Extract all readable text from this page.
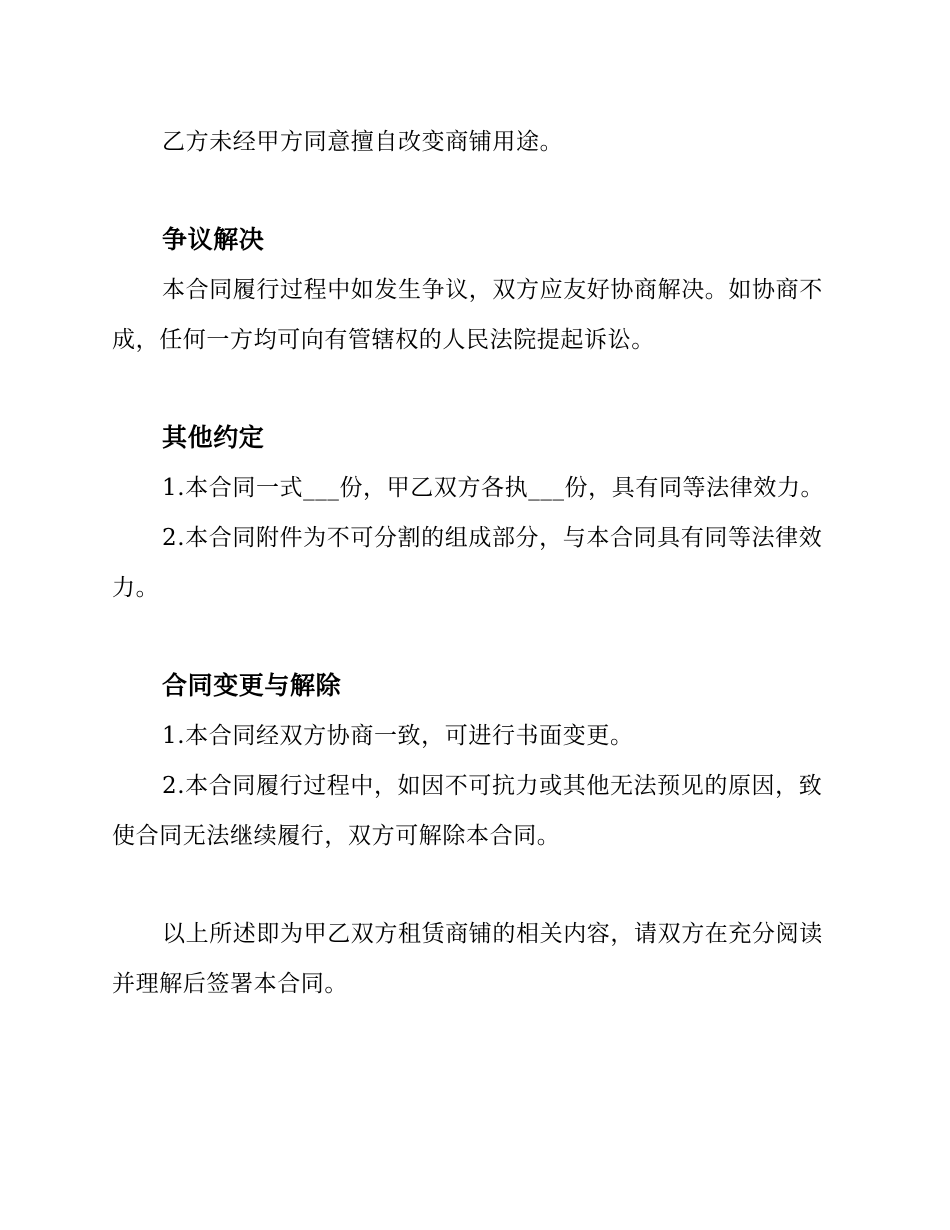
乙方未经甲方同意擅自改变商铺用途。

争议解决

本合同履行过程中如发生争议，双方应友好协商解决。如协商不成，任何一方均可向有管辖权的人民法院提起诉讼。

其他约定

1.本合同一式___份，甲乙双方各执___份，具有同等法律效力。

2.本合同附件为不可分割的组成部分，与本合同具有同等法律效力。

合同变更与解除

1.本合同经双方协商一致，可进行书面变更。

2.本合同履行过程中，如因不可抗力或其他无法预见的原因，致使合同无法继续履行，双方可解除本合同。

以上所述即为甲乙双方租赁商铺的相关内容，请双方在充分阅读并理解后签署本合同。
